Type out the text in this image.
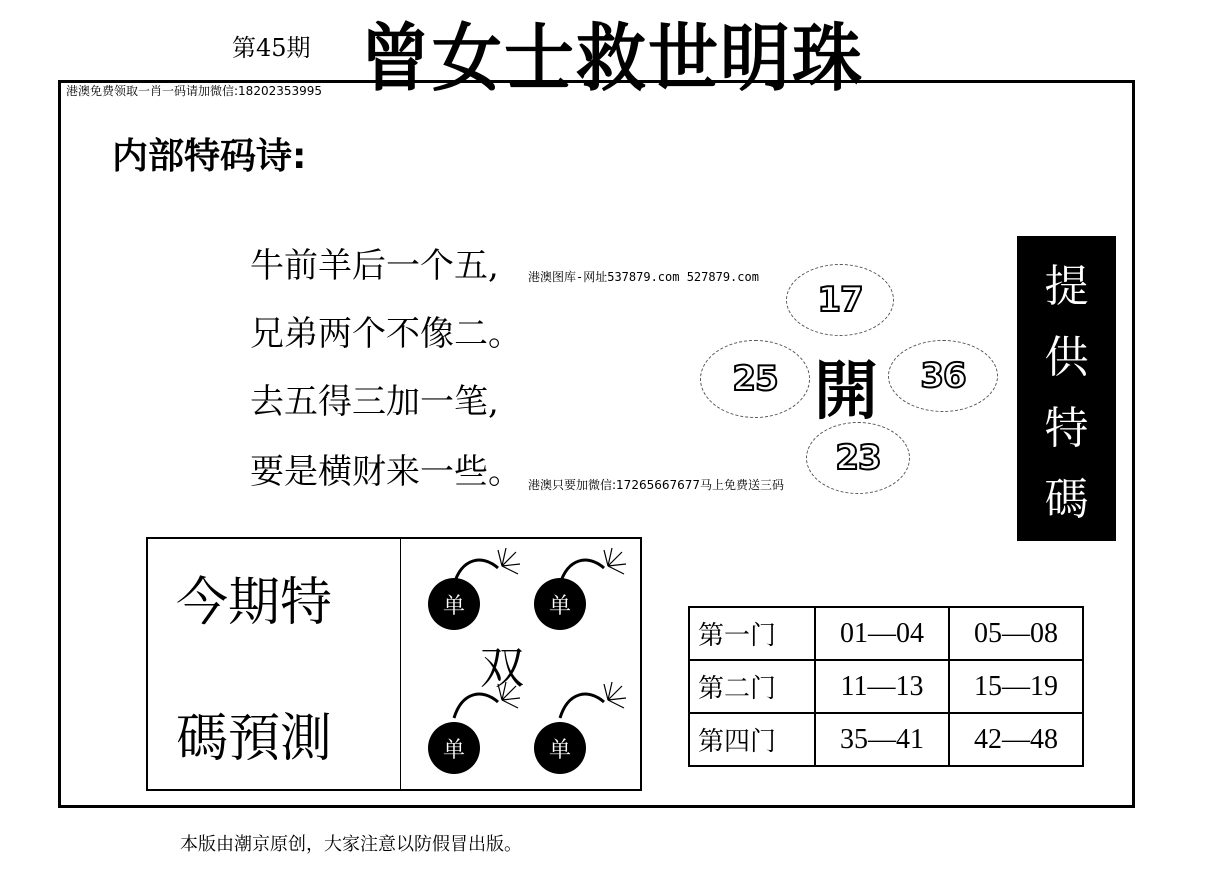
第45期 曾女士救世明珠
港澳免费领取一肖一码请加微信:18202353995
内部特码诗:
牛前羊后一个五,
兄弟两个不像二。
去五得三加一笔,
要是横财来一些。
港澳图库-网址537879.com 527879.com
港澳只要加微信:17265667677马上免费送三码
17
25	36
23
開
提
供
特
碼
今期特
碼預測
单	单
单	单
双
第一门	01—04	05—08
第二门	11—13	15—19
第四门	35—41	42—48
本版由潮京原创，大家注意以防假冒出版。
